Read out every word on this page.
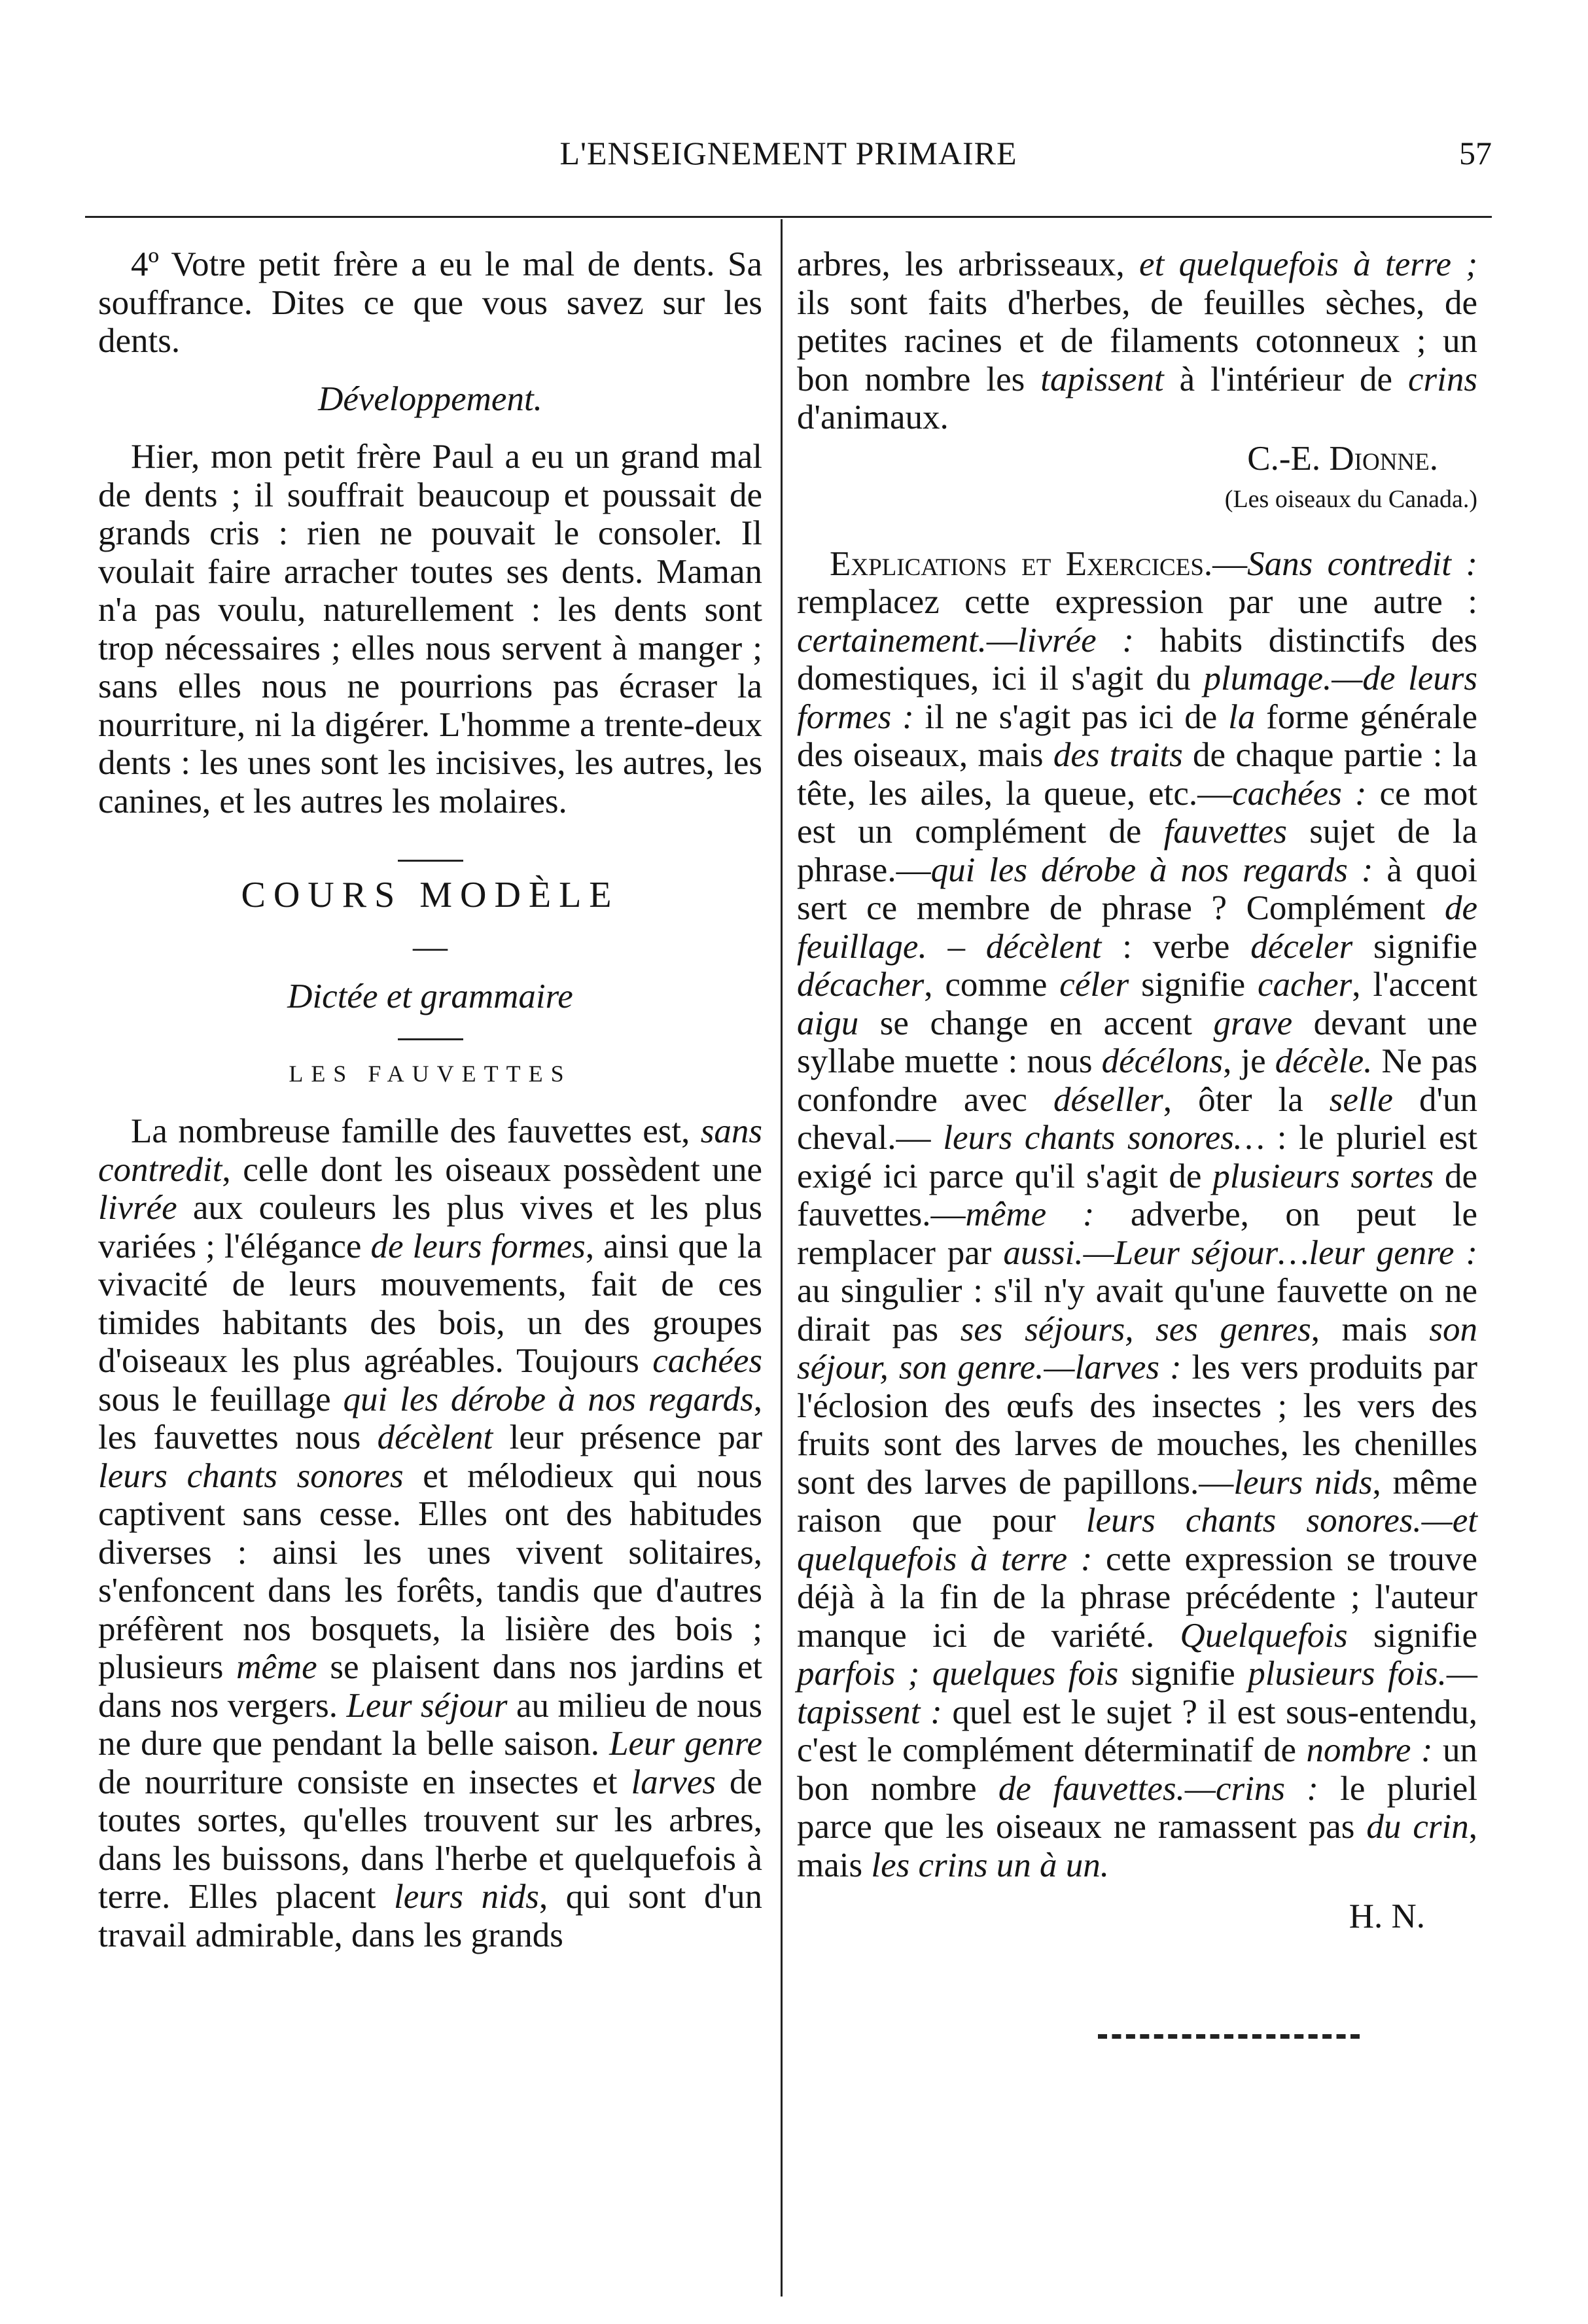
L'ENSEIGNEMENT PRIMAIRE	57

4º Votre petit frère a eu le mal de dents. Sa souffrance. Dites ce que vous savez sur les dents.

Développement.

Hier, mon petit frère Paul a eu un grand mal de dents ; il souffrait beaucoup et poussait de grands cris : rien ne pouvait le consoler. Il voulait faire arracher toutes ses dents. Maman n'a pas voulu, naturellement : les dents sont trop nécessaires ; elles nous servent à manger ; sans elles nous ne pourrions pas écraser la nourriture, ni la digérer. L'homme a trente-deux dents : les unes sont les incisives, les autres, les canines, et les autres les molaires.

COURS MODÈLE

—

Dictée et grammaire

LES FAUVETTES

La nombreuse famille des fauvettes est, sans contredit, celle dont les oiseaux possèdent une livrée aux couleurs les plus vives et les plus variées ; l'élégance de leurs formes, ainsi que la vivacité de leurs mouvements, fait de ces timides habitants des bois, un des groupes d'oiseaux les plus agréables. Toujours cachées sous le feuillage qui les dérobe à nos regards, les fauvettes nous décèlent leur présence par leurs chants sonores et mélodieux qui nous captivent sans cesse. Elles ont des habitudes diverses : ainsi les unes vivent solitaires, s'enfoncent dans les forêts, tandis que d'autres préfèrent nos bosquets, la lisière des bois ; plusieurs même se plaisent dans nos jardins et dans nos vergers. Leur séjour au milieu de nous ne dure que pendant la belle saison. Leur genre de nourriture consiste en insectes et larves de toutes sortes, qu'elles trouvent sur les arbres, dans les buissons, dans l'herbe et quelquefois à terre. Elles placent leurs nids, qui sont d'un travail admirable, dans les grands

arbres, les arbrisseaux, et quelquefois à terre ; ils sont faits d'herbes, de feuilles sèches, de petites racines et de filaments cotonneux ; un bon nombre les tapissent à l'intérieur de crins d'animaux.

C.-E. Dionne.

(Les oiseaux du Canada.)

Explications et Exercices.—Sans contredit : remplacez cette expression par une autre : certainement.—livrée : habits distinctifs des domestiques, ici il s'agit du plumage.—de leurs formes : il ne s'agit pas ici de la forme générale des oiseaux, mais des traits de chaque partie : la tête, les ailes, la queue, etc.—cachées : ce mot est un complément de fauvettes sujet de la phrase.—qui les dérobe à nos regards : à quoi sert ce membre de phrase ? Complément de feuillage. – décèlent : verbe déceler signifie décacher, comme céler signifie cacher, l'accent aigu se change en accent grave devant une syllabe muette : nous décélons, je décèle. Ne pas confondre avec déseller, ôter la selle d'un cheval.— leurs chants sonores… : le pluriel est exigé ici parce qu'il s'agit de plusieurs sortes de fauvettes.—même : adverbe, on peut le remplacer par aussi.—Leur séjour…leur genre : au singulier : s'il n'y avait qu'une fauvette on ne dirait pas ses séjours, ses genres, mais son séjour, son genre.—larves : les vers produits par l'éclosion des œufs des insectes ; les vers des fruits sont des larves de mouches, les chenilles sont des larves de papillons.—leurs nids, même raison que pour leurs chants sonores.—et quelquefois à terre : cette expression se trouve déjà à la fin de la phrase précédente ; l'auteur manque ici de variété. Quelquefois signifie parfois ; quelques fois signifie plusieurs fois.—tapissent : quel est le sujet ? il est sous-entendu, c'est le complément déterminatif de nombre : un bon nombre de fauvettes.—crins : le pluriel parce que les oiseaux ne ramassent pas du crin, mais les crins un à un.

H. N.
